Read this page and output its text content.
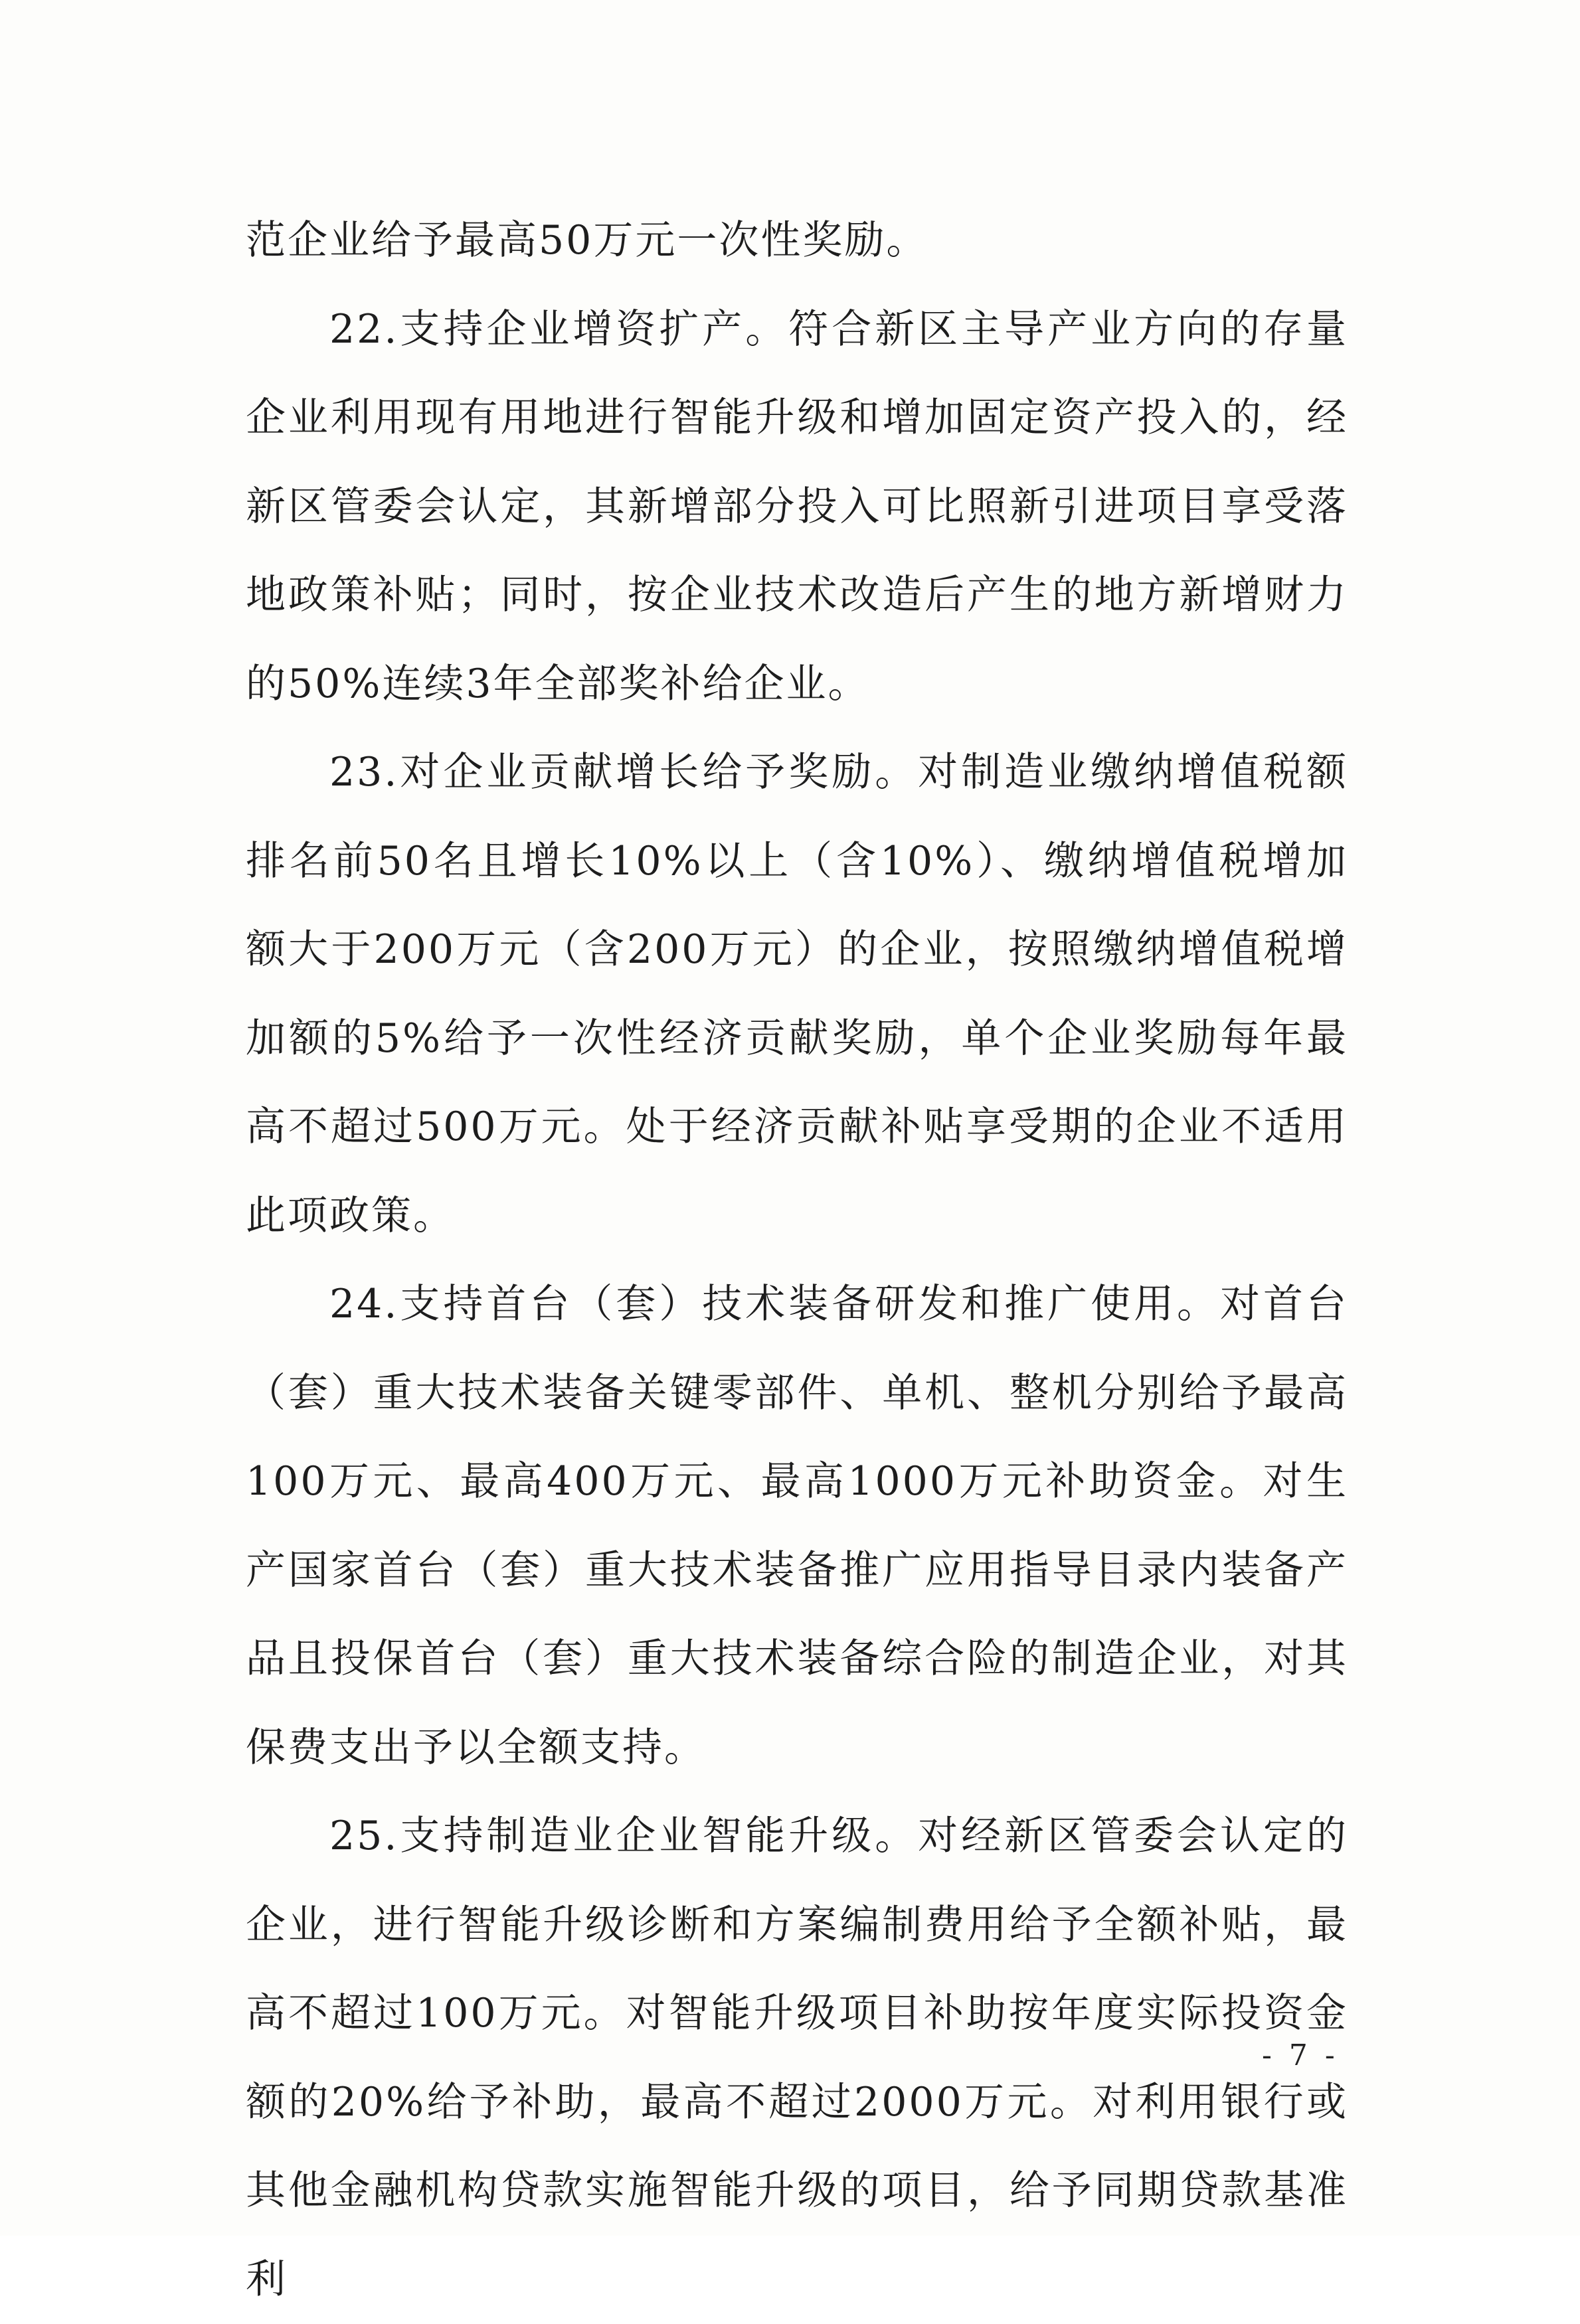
范企业给予最高50万元一次性奖励。

22.支持企业增资扩产。符合新区主导产业方向的存量企业利用现有用地进行智能升级和增加固定资产投入的，经新区管委会认定，其新增部分投入可比照新引进项目享受落地政策补贴；同时，按企业技术改造后产生的地方新增财力的50%连续3年全部奖补给企业。

23.对企业贡献增长给予奖励。对制造业缴纳增值税额排名前50名且增长10%以上（含10%）、缴纳增值税增加额大于200万元（含200万元）的企业，按照缴纳增值税增加额的5%给予一次性经济贡献奖励，单个企业奖励每年最高不超过500万元。处于经济贡献补贴享受期的企业不适用此项政策。

24.支持首台（套）技术装备研发和推广使用。对首台（套）重大技术装备关键零部件、单机、整机分别给予最高100万元、最高400万元、最高1000万元补助资金。对生产国家首台（套）重大技术装备推广应用指导目录内装备产品且投保首台（套）重大技术装备综合险的制造企业，对其保费支出予以全额支持。

25.支持制造业企业智能升级。对经新区管委会认定的企业，进行智能升级诊断和方案编制费用给予全额补贴，最高不超过100万元。对智能升级项目补助按年度实际投资金额的20%给予补助，最高不超过2000万元。对利用银行或其他金融机构贷款实施智能升级的项目，给予同期贷款基准利

- 7 -
